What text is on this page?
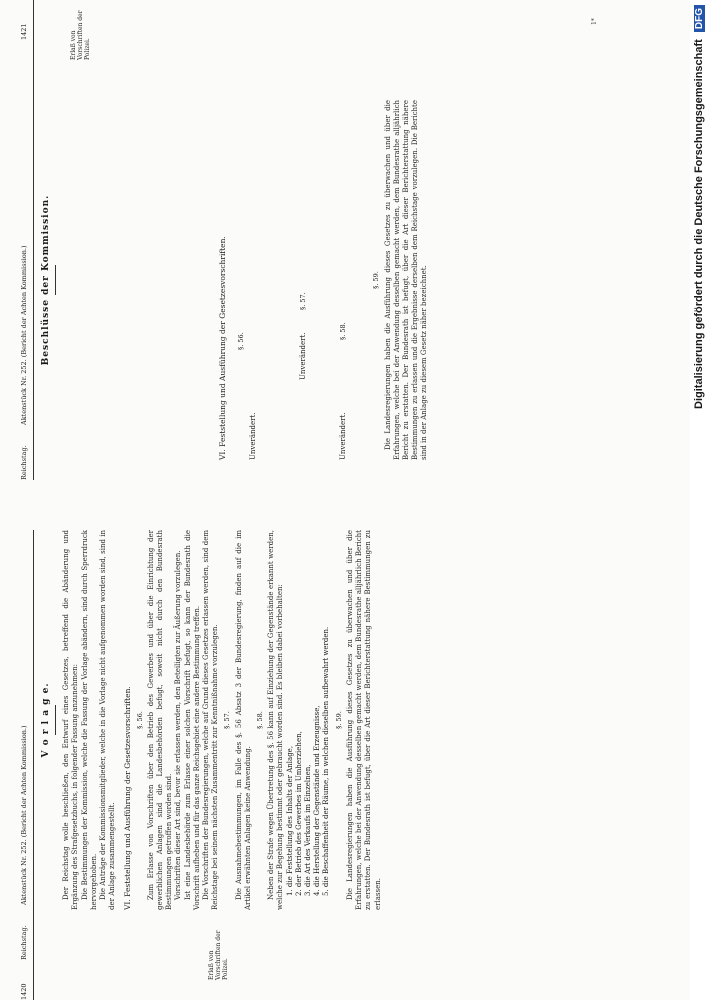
1420
Reichstag.
Aktenstück Nr. 252. (Bericht der Achten Kommission.)
V o r l a g e. Der Reichstag wolle beschließen, den Entwurf eines Gesetzes, betreffend die Abänderung und Ergänzung des Strafgesetzbuchs, in folgender Fassung anzunehmen: Die Bestimmungen der Kommission, welche die Fassung der Vorlage abändern, sind durch Sperrdruck hervorgehoben. Die Anträge der Kommissionsmitglieder, welche in die Vorlage nicht aufgenommen worden sind, sind in der Anlage zusammengestellt. VI. Feststellung und Ausführung der Gesetzesvorschriften. §. 56. Zum Erlasse von Vorschriften über den Betrieb des Gewerbes und über die Einrichtung der gewerblichen Anlagen sind die Landesbehörden befugt, soweit nicht durch den Bundesrath Bestimmungen getroffen worden sind. Vorschriften dieser Art sind, bevor sie erlassen werden, den Beteiligten zur Äußerung vorzulegen. Ist eine Landesbehörde zum Erlasse einer solchen Vorschrift befugt, so kann der Bundesrath die Vorschrift aufheben und für das ganze Reichsgebiet eine andere Bestimmung treffen. Die Vorschriften der Bundesregierungen, welche auf Grund dieses Gesetzes erlassen werden, sind dem Reichstage bei seinem nächsten Zusammentritt zur Kenntnißnahme vorzulegen. §. 57. Die Ausnahmebestimmungen, im Falle des §. 56 Absatz 3 der Bundesregierung, finden auf die im Artikel erwähnten Anlagen keine Anwendung.
§. 58. Neben der Strafe wegen Übertretung des §. 56 kann auf Einziehung der Gegenstände erkannt werden, welche zur Begehung bestimmt oder gebraucht worden sind. Es bleiben dabei vorbehalten: 1. die Feststellung des Inhalts der Anlage, 2. der Betrieb des Gewerbes im Umherziehen, 3. die Art des Verkaufs im Einzelnen, 4. die Herstellung der Gegenstände und Erzeugnisse, 5. die Beschaffenheit der Räume, in welchen dieselben aufbewahrt werden. §. 59. Die Landesregierungen haben die Ausführung dieses Gesetzes zu überwachen und über die Erfahrungen, welche bei der Anwendung desselben gemacht werden, dem Bundesrathe alljährlich Bericht zu erstatten. Der Bundesrath ist befugt, über die Art dieser Berichterstattung nähere Bestimmungen zu erlassen.
Erlaß von Vorschriften der Polizei.
Reichstag.
Aktenstück Nr. 252. (Bericht der Achten Kommission.)
1421
Beschlüsse der Kommission.	VI. Feststellung und Ausführung der Gesetzesvorschriften.	Unverändert.
§. 56.	Unverändert.
§. 57.
Unverändert.
§. 58.
§. 59. Die Landesregierungen haben die Ausführung dieses Gesetzes zu überwachen und über die Erfahrungen, welche bei der Anwendung desselben gemacht werden, dem Bundesrathe alljährlich Bericht zu erstatten. Der Bundesrath ist befugt, über die Art dieser Berichterstattung nähere Bestimmungen zu erlassen und die Ergebnisse derselben dem Reichstage vorzulegen. Die Berichte sind in der Anlage zu diesem Gesetz näher bezeichnet.
Erlaß von Vorschriften der Polizei.
1*
Digitalisierung gefördert durch die Deutsche Forschungsgemeinschaft DFG
